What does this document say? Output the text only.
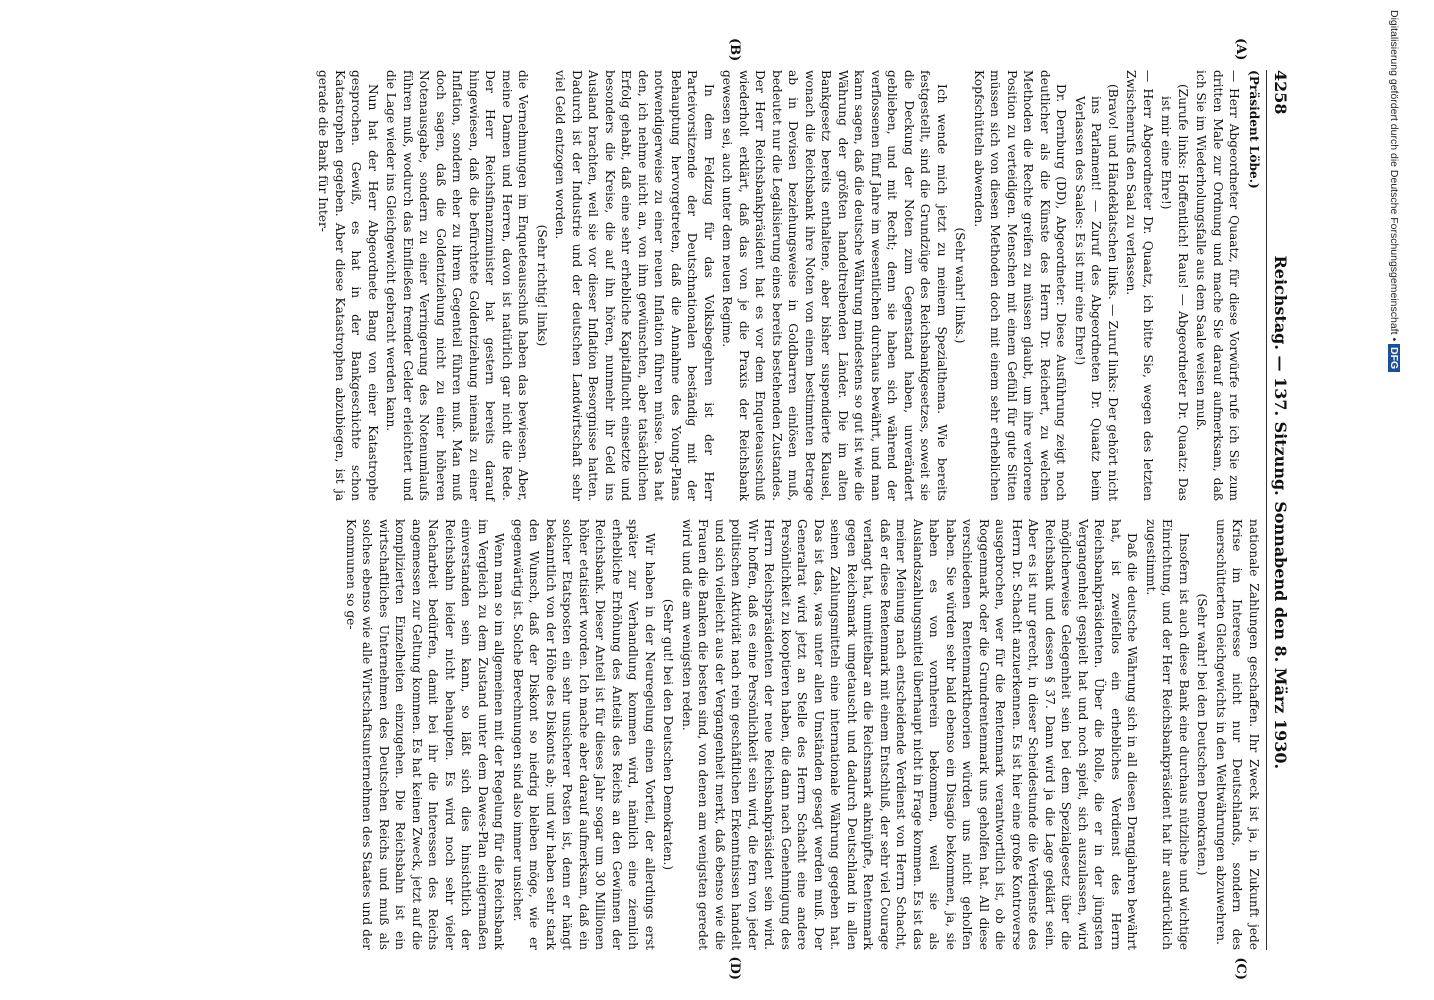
4258
Reichstag. — 137. Sitzung. Sonnabend den 8. März 1930.
(A)
(B)
(Präsident Löbe.)

— Herr Abgeordneter Quaatz, für diese Vorwürfe rufe ich Sie zum dritten Male zur Ordnung und mache Sie darauf aufmerksam, daß ich Sie im Wiederholungsfalle aus dem Saale weisen muß.

(Zurufe links: Hoffentlich! Raus! — Abgeordneter Dr. Quaatz: Das ist mir eine Ehre!)

— Herr Abgeordneter Dr. Quaatz, ich bitte Sie, wegen des letzten Zwischenrufs den Saal zu verlassen.

(Bravo! und Händeklatschen links. — Zuruf links: Der gehört nicht ins Parlament! — Zuruf des Abgeordneten Dr. Quaatz beim Verlassen des Saales: Es ist mir eine Ehre!)

Dr. Dernburg (DD), Abgeordneter: Diese Ausführung zeigt noch deutlicher als die Künste des Herrn Dr. Reichert, zu welchen Methoden die Rechte greifen zu müssen glaubt, um ihre verlorene Position zu verteidigen. Menschen mit einem Gefühl für gute Sitten müssen sich von diesen Methoden doch mit einem sehr erheblichen Kopfschütteln abwenden.

(Sehr wahr! links.)

Ich wende mich jetzt zu meinem Spezialthema. Wie bereits festgestellt, sind die Grundzüge des Reichsbankgesetzes, soweit sie die Deckung der Noten zum Gegenstand haben, unverändert geblieben, und mit Recht; denn sie haben sich während der verflossenen fünf Jahre im wesentlichen durchaus bewährt, und man kann sagen, daß die deutsche Währung mindestens so gut ist wie die Währung der größten handeltreibenden Länder. Die im alten Bankgesetz bereits enthaltene, aber bisher suspendierte Klausel, wonach die Reichsbank ihre Noten von einem bestimmten Betrage ab in Devisen beziehungsweise in Goldbarren einlösen muß, bedeutet nur die Legalisierung eines bereits bestehenden Zustandes. Der Herr Reichsbankpräsident hat es vor dem Enqueteausschuß wiederholt erklärt, daß das von je die Praxis der Reichsbank gewesen sei, auch unter dem neuen Regime.

In dem Feldzug für das Volksbegehren ist der Herr Parteivorsitzende der Deutschnationalen beständig mit der Behauptung hervorgetreten, daß die Annahme des Young-Plans notwendigerweise zu einer neuen Inflation führen müsse. Das hat den, ich nehme nicht an, von ihm gewünschten, aber tatsächlichen Erfolg gehabt, daß eine sehr erhebliche Kapitalflucht einsetzte und besonders die Kreise, die auf ihn hören, nunmehr ihr Geld ins Ausland brachten, weil sie vor dieser Inflation Besorgnisse hatten. Dadurch ist der Industrie und der deutschen Landwirtschaft sehr viel Geld entzogen worden.

(Sehr richtig! links)

die Vernehmungen im Enqueteausschuß haben das bewiesen. Aber, meine Damen und Herren, davon ist natürlich gar nicht die Rede. Der Herr Reichsfinanzminister hat gestern bereits darauf hingewiesen, daß die befürchtete Goldentziehung niemals zu einer Inflation, sondern eher zu ihrem Gegenteil führen muß. Man muß doch sagen, daß die Goldentziehung nicht zu einer höheren Notenausgabe, sondern zu einer Verringerung des Notenumlaufs führen muß, wodurch das Einfließen fremder Gelder erleichtert und die Lage wieder ins Gleichgewicht gebracht werden kann.

Nun hat der Herr Abgeordnete Bang von einer Katastrophe gesprochen. Gewiß, es hat in der Bankgeschichte schon Katastrophen gegeben. Aber diese Katastrophen abzubiegen, ist ja gerade die Bank für Inter-

(C)
(D)

nationale Zahlungen geschaffen. Ihr Zweck ist ja, in Zukunft jede Krise im Interesse nicht nur Deutschlands, sondern des unerschütterten Gleichgewichts in den Weltwährungen abzuwehren.

(Sehr wahr! bei den Deutschen Demokraten.)

Insofern ist auch diese Bank eine durchaus nützliche und wichtige Einrichtung, und der Herr Reichsbankpräsident hat ihr ausdrücklich zugestimmt.

Daß die deutsche Währung sich in all diesen Drangjahren bewährt hat, ist zweifellos ein erhebliches Verdienst des Herrn Reichsbankpräsidenten. Über die Rolle, die er in der jüngsten Vergangenheit gespielt hat und noch spielt, sich auszulassen, wird möglicherweise Gelegenheit sein bei dem Spezialgesetz über die Reichsbank und dessen § 37. Dann wird ja die Lage geklärt sein. Aber es ist nur gerecht, in dieser Scheidestunde die Verdienste des Herrn Dr. Schacht anzuerkennen. Es ist hier eine große Kontroverse ausgebrochen, wer für die Rentenmark verantwortlich ist, ob die Roggenmark oder die Grundrentenmark uns geholfen hat. All diese verschiedenen Rentenmarktheorien würden uns nicht geholfen haben. Sie würden sehr bald ebenso ein Disagio bekommen, ja, sie haben es von vornherein bekommen, weil sie als Auslandszahlungsmittel überhaupt nicht in Frage kommen. Es ist das meiner Meinung nach entscheidende Verdienst von Herrn Schacht, daß er diese Rentenmark mit einem Entschluß, der sehr viel Courage verlangt hat, unmittelbar an die Reichsmark anknüpfte, Rentenmark gegen Reichsmark umgetauscht und dadurch Deutschland in allen seinen Zahlungsmitteln eine internationale Währung gegeben hat. Das ist das, was unter allen Umständen gesagt werden muß. Der Generalrat wird jetzt an Stelle des Herrn Schacht eine andere Persönlichkeit zu kooptieren haben, die dann nach Genehmigung des Herrn Reichspräsidenten der neue Reichsbankpräsident sein wird. Wir hoffen, daß es eine Persönlichkeit sein wird, die fern von jeder politischen Aktivität nach rein geschäftlichen Erkenntnissen handelt und sich vielleicht aus der Vergangenheit merkt, daß ebenso wie die Frauen die Banken die besten sind, von denen am wenigsten geredet wird und die am wenigsten reden.

(Sehr gut! bei den Deutschen Demokraten.)

Wir haben in der Neuregelung einen Vorteil, der allerdings erst später zur Verhandlung kommen wird, nämlich eine ziemlich erhebliche Erhöhung des Anteils des Reichs an den Gewinnen der Reichsbank. Dieser Anteil ist für dieses Jahr sogar um 30 Millionen höher etatisiert worden. Ich mache aber darauf aufmerksam, daß ein solcher Etatsposten ein sehr unsicherer Posten ist, denn er hängt bekanntlich von der Höhe des Diskonts ab; und wir haben sehr stark den Wunsch, daß der Diskont so niedrig bleiben möge, wie er gegenwärtig ist. Solche Berechnungen sind also immer unsicher.

Wenn man so im allgemeinen mit der Regelung für die Reichsbank im Vergleich zu dem Zustand unter dem Dawes-Plan einigermaßen einverstanden sein kann, so läßt sich dies hinsichtlich der Reichsbahn leider nicht behaupten. Es wird noch sehr vieler Nacharbeit bedürfen, damit bei ihr die Interessen des Reichs angemessen zur Geltung kommen. Es hat keinen Zweck, jetzt auf die komplizierten Einzelheiten einzugehen. Die Reichsbahn ist ein wirtschaftliches Unternehmen des Deutschen Reichs und muß als solches ebenso wie alle Wirtschaftsunternehmen des Staates und der Kommunen so ge-

Digitalisierung gefördert durch die Deutsche Forschungsgemeinschaft • DFG
